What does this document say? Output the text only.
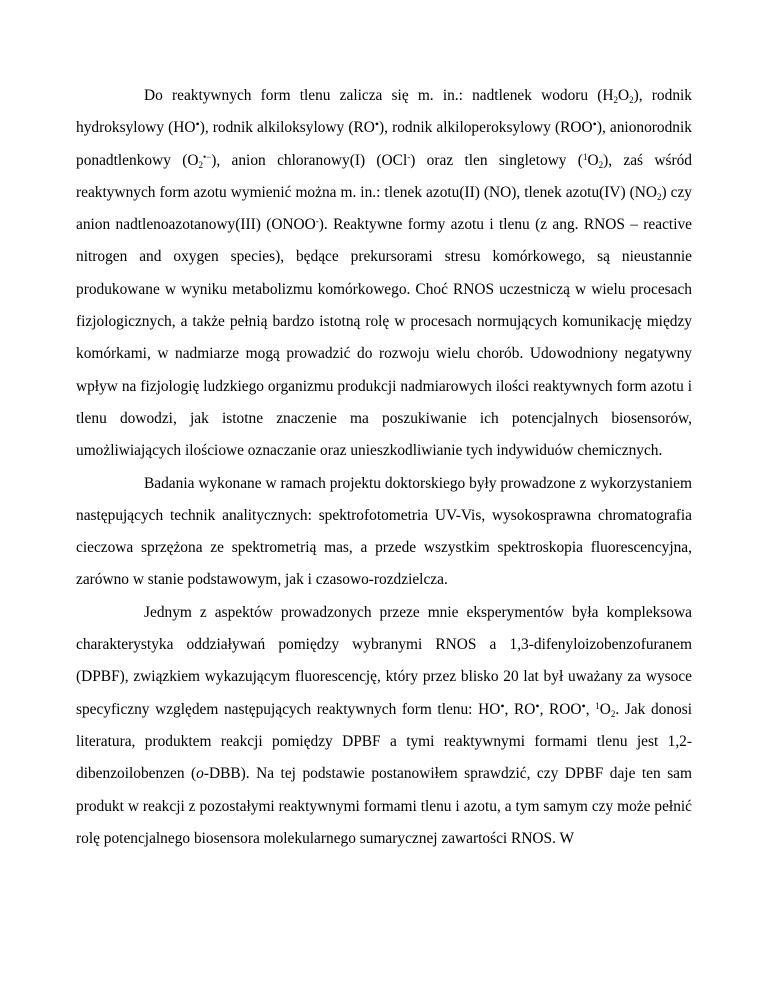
Do reaktywnych form tlenu zalicza się m. in.: nadtlenek wodoru $(H_2O_2)$, rodnik hydroksylowy (HO•), rodnik alkiloksylowy (RO•), rodnik alkiloperoksylowy (ROO•), anionorodnik ponadtlenkowy $(O_2^{•-})$, anion chloranowy(I) (OCl-) oraz tlen singletowy $(^1O_2)$, zaś wśród reaktywnych form azotu wymienić można m. in.: tlenek azotu(II) (NO), tlenek azotu(IV) $(NO_2)$ czy anion nadtlenoazotanowy(III) (ONOO-). Reaktywne formy azotu i tlenu (z ang. RNOS – reactive nitrogen and oxygen species), będące prekursorami stresu komórkowego, są nieustannie produkowane w wyniku metabolizmu komórkowego. Choć RNOS uczestniczą w wielu procesach fizjologicznych, a także pełnią bardzo istotną rolę w procesach normujących komunikację między komórkami, w nadmiarze mogą prowadzić do rozwoju wielu chorób. Udowodniony negatywny wpływ na fizjologię ludzkiego organizmu produkcji nadmiarowych ilości reaktywnych form azotu i tlenu dowodzi, jak istotne znaczenie ma poszukiwanie ich potencjalnych biosensorów, umożliwiających ilościowe oznaczanie oraz unieszkodliwianie tych indywiduów chemicznych.

Badania wykonane w ramach projektu doktorskiego były prowadzone z wykorzystaniem następujących technik analitycznych: spektrofotometria UV-Vis, wysokosprawna chromatografia cieczowa sprzężona ze spektrometrią mas, a przede wszystkim spektroskopia fluorescencyjna, zarówno w stanie podstawowym, jak i czasowo-rozdzielcza.

Jednym z aspektów prowadzonych przeze mnie eksperymentów była kompleksowa charakterystyka oddziaływań pomiędzy wybranymi RNOS a 1,3-difenyloizobenzofuranem (DPBF), związkiem wykazującym fluorescencję, który przez blisko 20 lat był uważany za wysoce specyficzny względem następujących reaktywnych form tlenu: HO•, RO•, ROO•, $^1O_2$. Jak donosi literatura, produktem reakcji pomiędzy DPBF a tymi reaktywnymi formami tlenu jest 1,2-dibenzoilobenzen (o-DBB). Na tej podstawie postanowiłem sprawdzić, czy DPBF daje ten sam produkt w reakcji z pozostałymi reaktywnymi formami tlenu i azotu, a tym samym czy może pełnić rolę potencjalnego biosensora molekularnego sumarycznej zawartości RNOS. W
